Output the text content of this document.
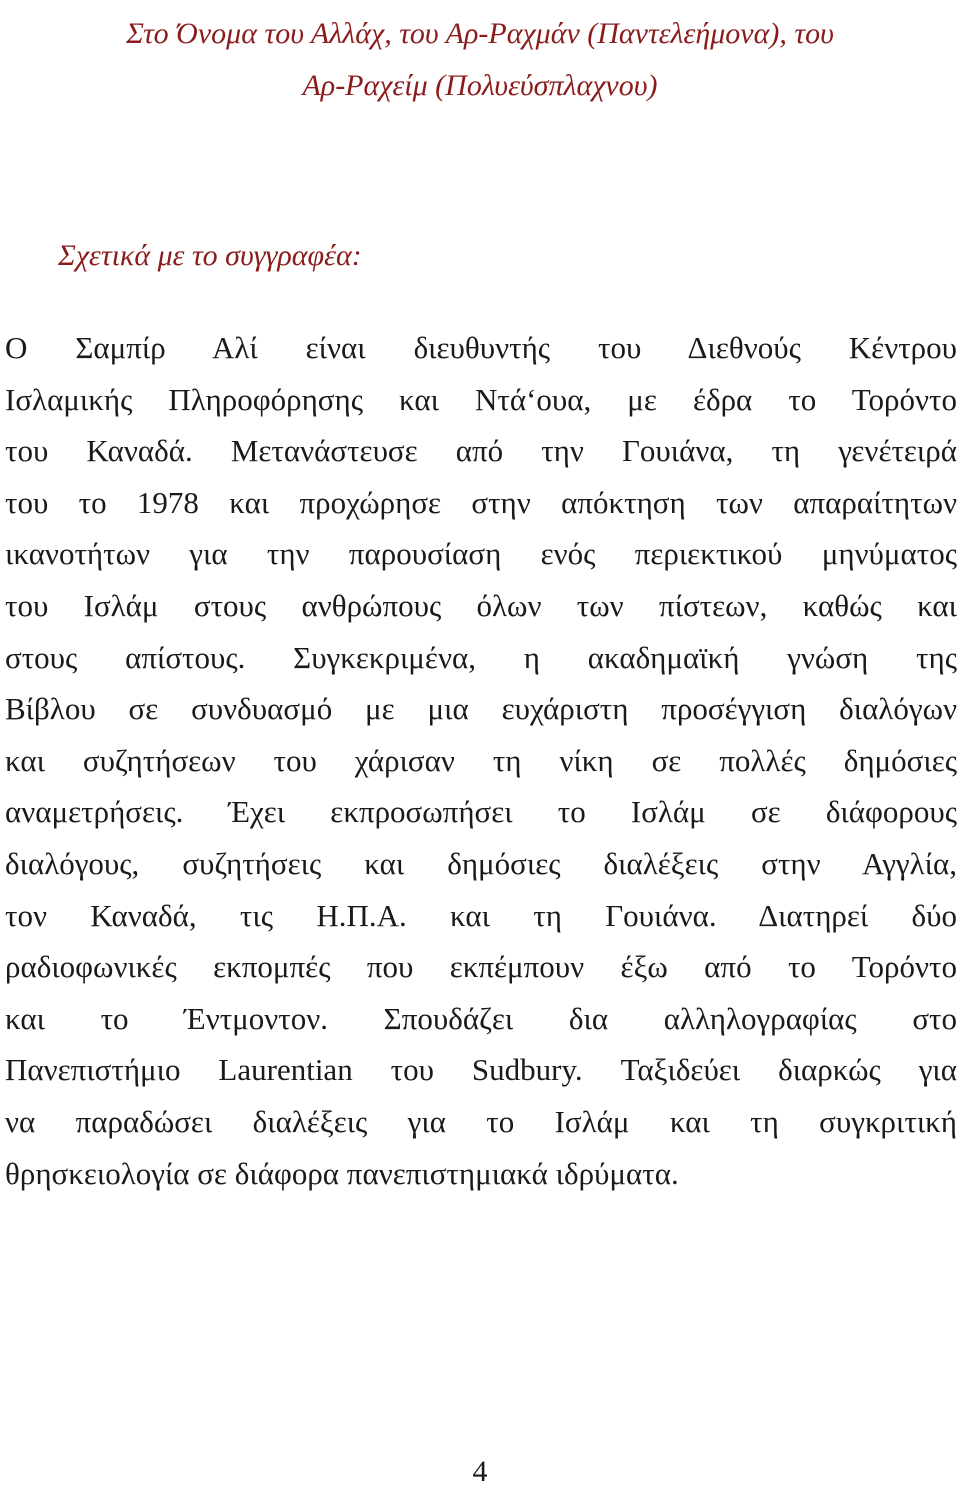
Στο Όνομα του Αλλάχ, του Αρ-Ραχμάν (Παντελεήμονα), του
Αρ-Ραχείμ (Πολυεύσπλαχνου)
Σχετικά με το συγγραφέα:

Ο Σαμπίρ Αλί είναι διευθυντής του Διεθνούς Κέντρου
Ισλαμικής Πληροφόρησης και Ντά‘ουα, με έδρα το Τορόντο
του Καναδά. Μετανάστευσε από την Γουιάνα, τη γενέτειρά
του το 1978 και προχώρησε στην απόκτηση των απαραίτητων
ικανοτήτων για την παρουσίαση ενός περιεκτικού μηνύματος
του Ισλάμ στους ανθρώπους όλων των πίστεων, καθώς και
στους απίστους. Συγκεκριμένα, η ακαδημαϊκή γνώση της
Βίβλου σε συνδυασμό με μια ευχάριστη προσέγγιση διαλόγων
και συζητήσεων του χάρισαν τη νίκη σε πολλές δημόσιες
αναμετρήσεις. Έχει εκπροσωπήσει το Ισλάμ σε διάφορους
διαλόγους, συζητήσεις και δημόσιες διαλέξεις στην Αγγλία,
τον Καναδά, τις Η.Π.Α. και τη Γουιάνα. Διατηρεί δύο
ραδιοφωνικές εκπομπές που εκπέμπουν έξω από το Τορόντο
και το Έντμοντον. Σπουδάζει δια αλληλογραφίας στο
Πανεπιστήμιο Laurentian του Sudbury. Ταξιδεύει διαρκώς για
να παραδώσει διαλέξεις για το Ισλάμ και τη συγκριτική
θρησκειολογία σε διάφορα πανεπιστημιακά ιδρύματα.

4
